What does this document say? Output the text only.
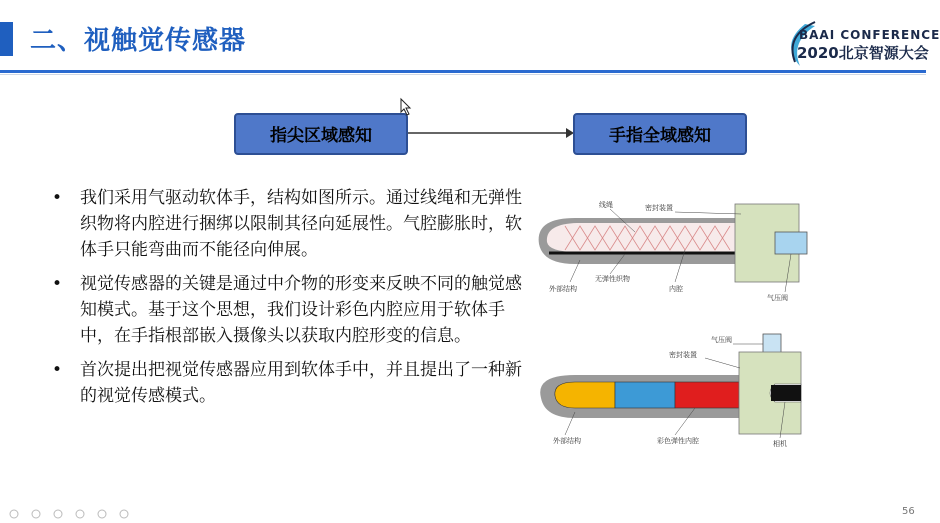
二、视触觉传感器	BAAI CONFERENCE
2020北京智源大会
指尖区域感知	手指全域感知
• 我们采用气驱动软体手，结构如图所示。通过线绳和无弹性织物将内腔进行捆绑以限制其径向延展性。气腔膨胀时，软体手只能弯曲而不能径向伸展。
• 视觉传感器的关键是通过中介物的形变来反映不同的触觉感知模式。基于这个思想，我们设计彩色内腔应用于软体手中，在手指根部嵌入摄像头以获取内腔形变的信息。
• 首次提出把视觉传感器应用到软体手中，并且提出了一种新的视觉传感模式。
线绳	密封装置
无弹性织物
外部结构	内腔
气压阀
气压阀
密封装置
外部结构	彩色弹性内腔	相机
56
